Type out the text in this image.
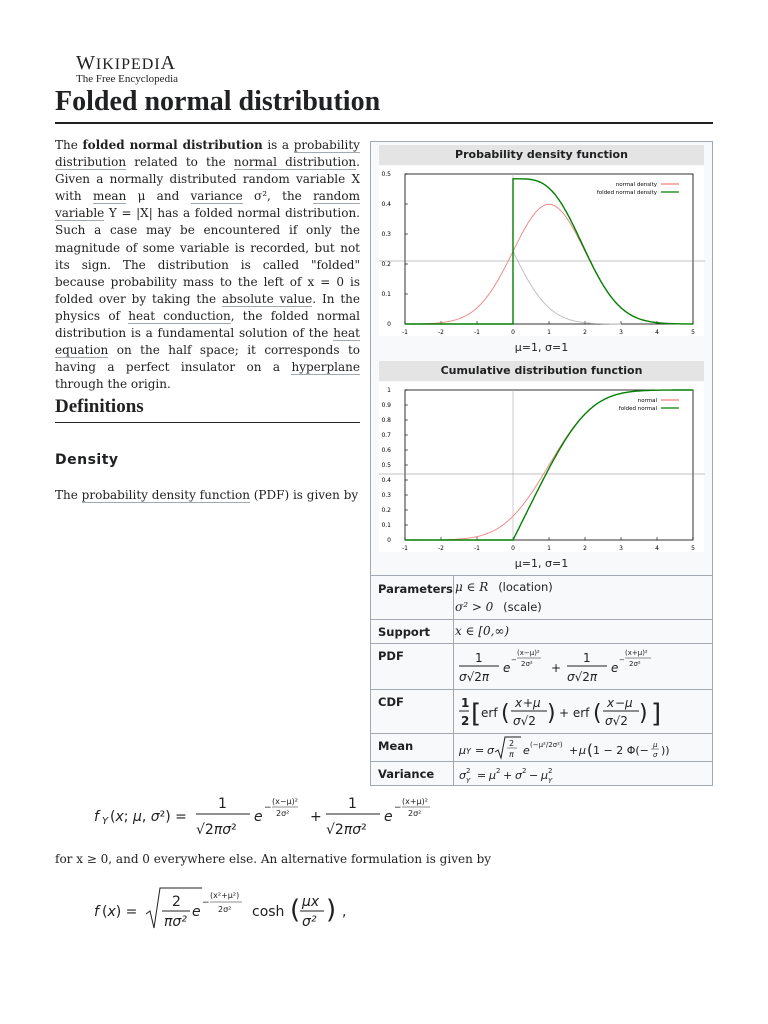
WIKIPEDIA
The Free Encyclopedia
Folded normal distribution
The folded normal distribution is a probability distribution related to the normal distribution. Given a normally distributed random variable X with mean μ and variance σ², the random variable Y = |X| has a folded normal distribution. Such a case may be encountered if only the magnitude of some variable is recorded, but not its sign. The distribution is called "folded" because probability mass to the left of x = 0 is folded over by taking the absolute value. In the physics of heat conduction, the folded normal distribution is a fundamental solution of the heat equation on the half space; it corresponds to having a perfect insulator on a hyperplane through the origin.
Definitions
Density
The probability density function (PDF) is given by
f Y (x; μ, σ²) =
1
√2πσ²
e
−
(x−μ)²
2σ² +
1
√2πσ²
e
−
(x+μ)²
2σ²
for x ≥ 0, and 0 everywhere else. An alternative formulation is given by
f (x) =
2
πσ²
e
−
(x²+μ²)
2σ² cosh ( μx
σ² ) ,
Probability density function
-1	-2	-1	0	1	2	3	4	5
0
0.1
0.2
0.3
0.4
0.5
normal density
folded normal density
μ=1, σ=1
Cumulative distribution function
-1	-2	-1	0	1	2	3	4	5
0
0.1
0.2
0.3
0.4
0.5
0.6
0.7
0.8
0.9
1
normal
folded normal
μ=1, σ=1
Parameters μ ∈ R (location)
σ² > 0 (scale)
Support x ∈ [0,∞)
PDF	1
σ√2π
e
−
(x−μ)²
2σ² +
1
σ√2π
e
−
(x+μ)²
2σ²
CDF	1
2 [ erf ( x + μ
σ√2 ) + erf ( x − μ
σ√2 ) ]
Mean	μY = σ
2
π e (−μ²/2σ²) + μ ( 1 − 2 Φ(− μ
σ ))
Variance σ 2
Y = μ 2 + σ 2 − μ 2
Y
